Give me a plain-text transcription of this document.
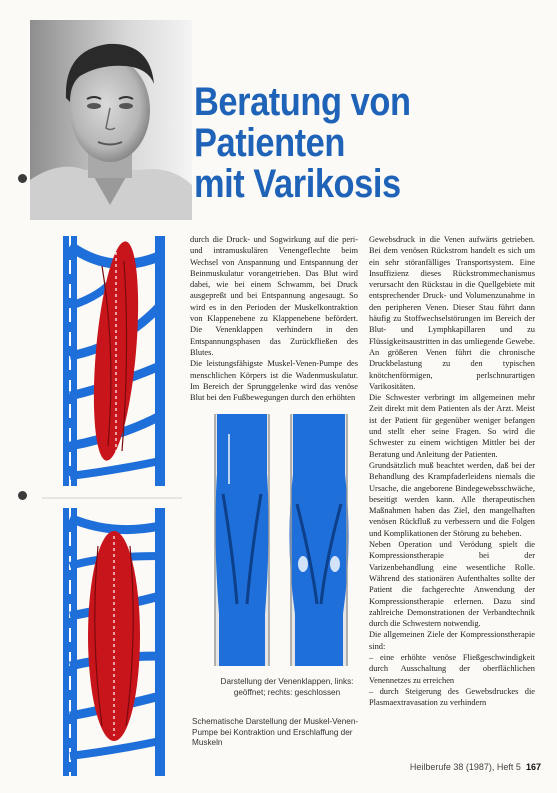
Beratung von
Patienten
mit Varikosis

durch die Druck- und Sogwirkung auf die peri- und intramuskulären Venengeflechte beim Wechsel von Anspannung und Entspannung der Beinmuskulatur vorangetrieben. Das Blut wird dabei, wie bei einem Schwamm, bei Druck ausgepreßt und bei Entspannung angesaugt. So wird es in den Perioden der Muskelkontraktion von Klappenebene zu Klappenebene befördert. Die Venenklappen verhindern in den Entspannungsphasen das Zurückfließen des Blutes.

Die leistungsfähigste Muskel-Venen-Pumpe des menschlichen Körpers ist die Wadenmuskulatur. Im Bereich der Sprunggelenke wird das venöse Blut bei den Fußbewegungen durch den erhöhten

Gewebsdruck in die Venen aufwärts getrieben. Bei dem venösen Rückstrom handelt es sich um ein sehr störanfälliges Transportsystem. Eine Insuffizienz dieses Rückstrommechanismus verursacht den Rückstau in die Quellgebiete mit entsprechender Druck- und Volumenzunahme in den peripheren Venen. Dieser Stau führt dann häufig zu Stoffwechselstörungen im Bereich der Blut- und Lymphkapillaren und zu Flüssigkeitsaustritten in das umliegende Gewebe. An größeren Venen führt die chronische Druckbelastung zu den typischen knötchenförmigen, perlschnurartigen Varikositäten.

Die Schwester verbringt im allgemeinen mehr Zeit direkt mit dem Patienten als der Arzt. Meist ist der Patient für gegenüber weniger befangen und stellt eher seine Fragen. So wird die Schwester zu einem wichtigen Mittler bei der Beratung und Anleitung der Patienten.

Grundsätzlich muß beachtet werden, daß bei der Behandlung des Krampfaderleidens niemals die Ursache, die angeborene Bindegewebsschwäche, beseitigt werden kann. Alle therapeutischen Maßnahmen haben das Ziel, den mangelhaften venösen Rückfluß zu verbessern und die Folgen und Komplikationen der Störung zu beheben.

Neben Operation und Verödung spielt die Kompressionstherapie bei der Varizenbehandlung eine wesentliche Rolle. Während des stationären Aufenthaltes sollte der Patient die fachgerechte Anwendung der Kompressionstherapie erlernen. Dazu sind zahlreiche Demonstrationen der Verbandtechnik durch die Schwestern notwendig.

Die allgemeinen Ziele der Kompressionstherapie sind:

– eine erhöhte venöse Fließgeschwindigkeit durch Ausschaltung der oberflächlichen Venennetzes zu erreichen

– durch Steigerung des Gewebsdruckes die Plasmaextravasation zu verhindern

Darstellung der Venenklappen, links: geöffnet; rechts: geschlossen
Schematische Darstellung der Muskel-Venen-Pumpe bei Kontraktion und Erschlaffung der Muskeln
Heilberufe 38 (1987), Heft 5 167
